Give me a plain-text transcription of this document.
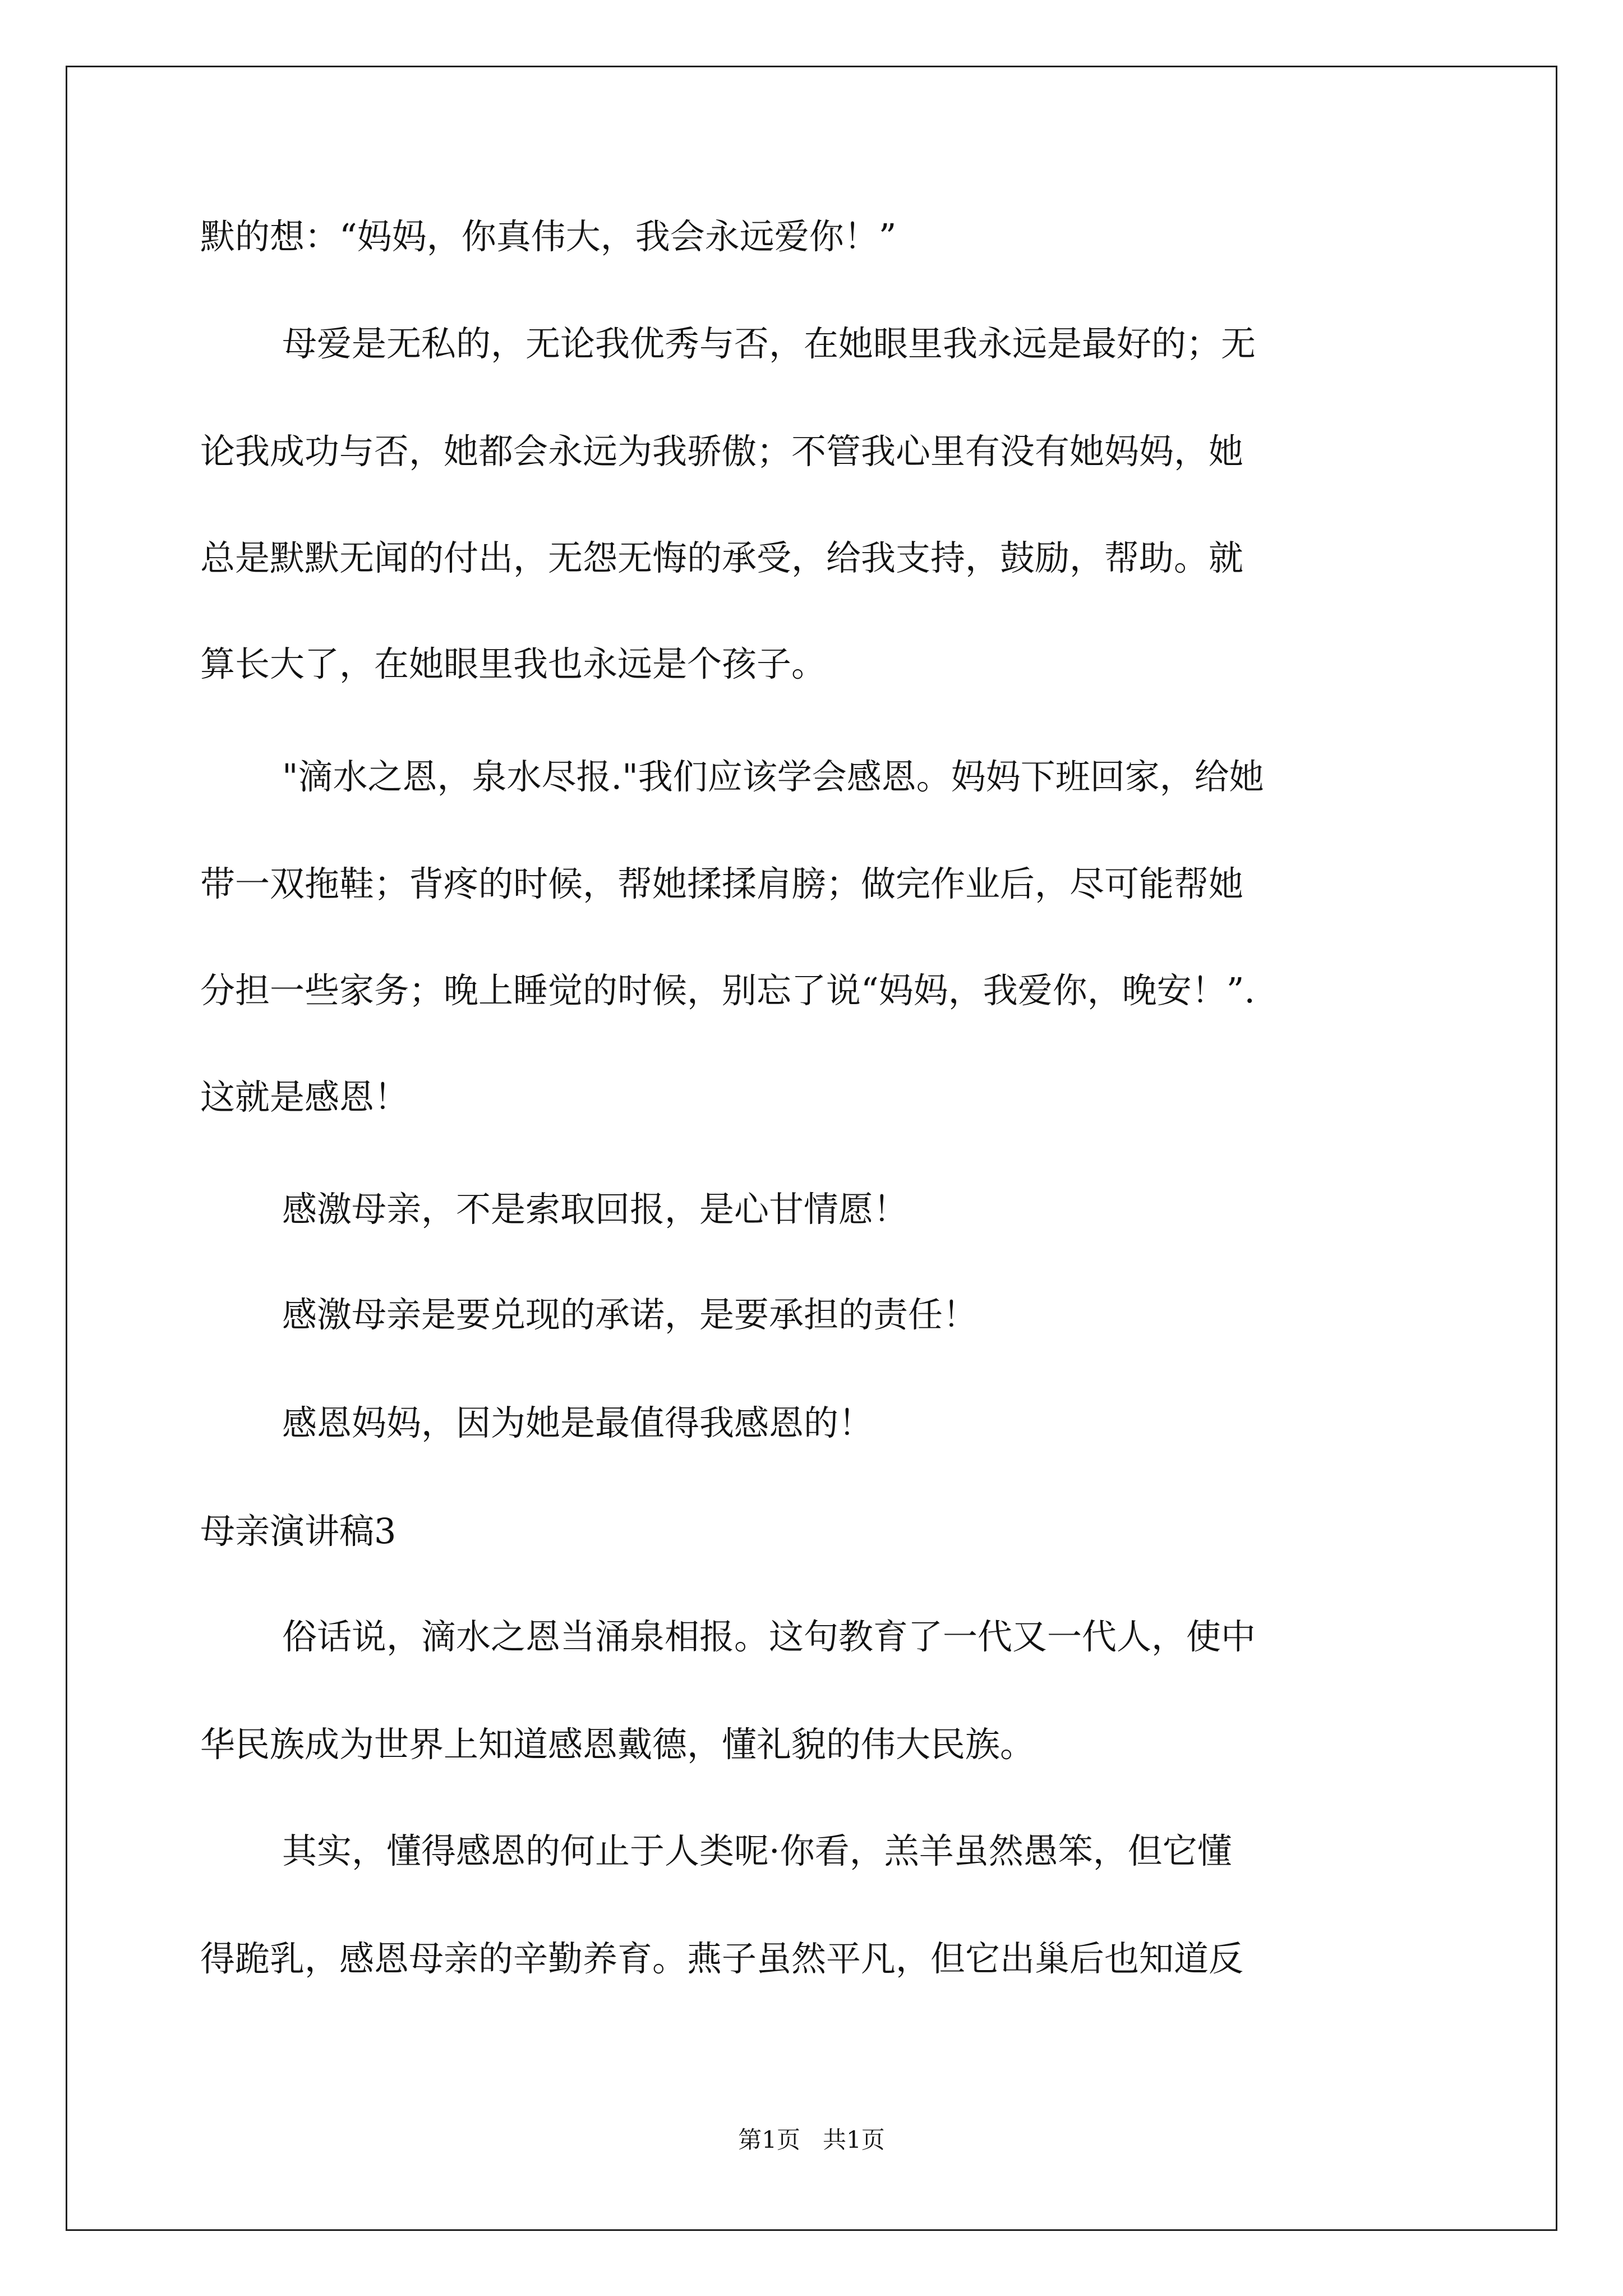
默的想：“妈妈，你真伟大，我会永远爱你！”

母爱是无私的，无论我优秀与否，在她眼里我永远是最好的；无

论我成功与否，她都会永远为我骄傲；不管我心里有没有她妈妈，她

总是默默无闻的付出，无怨无悔的承受，给我支持，鼓励，帮助。就

算长大了，在她眼里我也永远是个孩子。

"滴水之恩，泉水尽报."我们应该学会感恩。妈妈下班回家，给她

带一双拖鞋；背疼的时候，帮她揉揉肩膀；做完作业后，尽可能帮她

分担一些家务；晚上睡觉的时候，别忘了说“妈妈，我爱你，晚安！”.

这就是感恩！

感激母亲，不是索取回报，是心甘情愿！

感激母亲是要兑现的承诺，是要承担的责任！

感恩妈妈，因为她是最值得我感恩的！

母亲演讲稿3

俗话说，滴水之恩当涌泉相报。这句教育了一代又一代人，使中

华民族成为世界上知道感恩戴德，懂礼貌的伟大民族。

其实，懂得感恩的何止于人类呢·你看，羔羊虽然愚笨，但它懂

得跪乳，感恩母亲的辛勤养育。燕子虽然平凡，但它出巢后也知道反

第1页   共1页
